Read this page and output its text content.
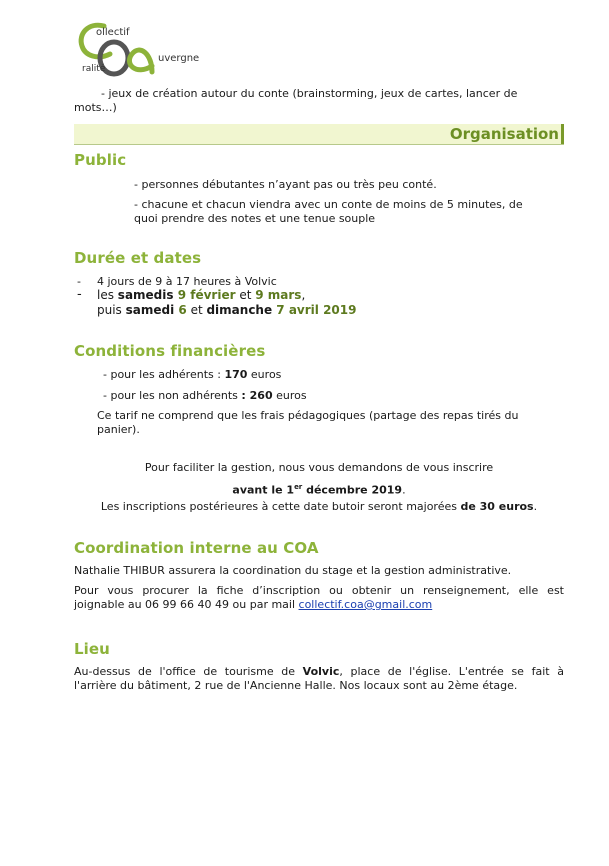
ollectif
uvergne
ralité
- jeux de création autour du conte (brainstorming, jeux de cartes, lancer de
mots…)
Organisation
Public
- personnes débutantes n’ayant pas ou très peu conté.
- chacune et chacun viendra avec un conte de moins de 5 minutes, de
quoi prendre des notes et une tenue souple
Durée et dates
- 4 jours de 9 à 17 heures à Volvic
- les samedis 9 février et 9 mars,
puis samedi 6 et dimanche 7 avril 2019
Conditions financières
- pour les adhérents : 170 euros
- pour les non adhérents : 260 euros
Ce tarif ne comprend que les frais pédagogiques (partage des repas tirés du
panier).
Pour faciliter la gestion, nous vous demandons de vous inscrire
avant le 1er décembre 2019.
Les inscriptions postérieures à cette date butoir seront majorées de 30 euros.
Coordination interne au COA
Nathalie THIBUR assurera la coordination du stage et la gestion administrative.
Pour vous procurer la fiche d’inscription ou obtenir un renseignement, elle est
joignable au 06 99 66 40 49 ou par mail collectif.coa@gmail.com
Lieu
Au-dessus de l'office de tourisme de Volvic, place de l'église. L'entrée se fait à
l'arrière du bâtiment, 2 rue de l'Ancienne Halle. Nos locaux sont au 2ème étage.
